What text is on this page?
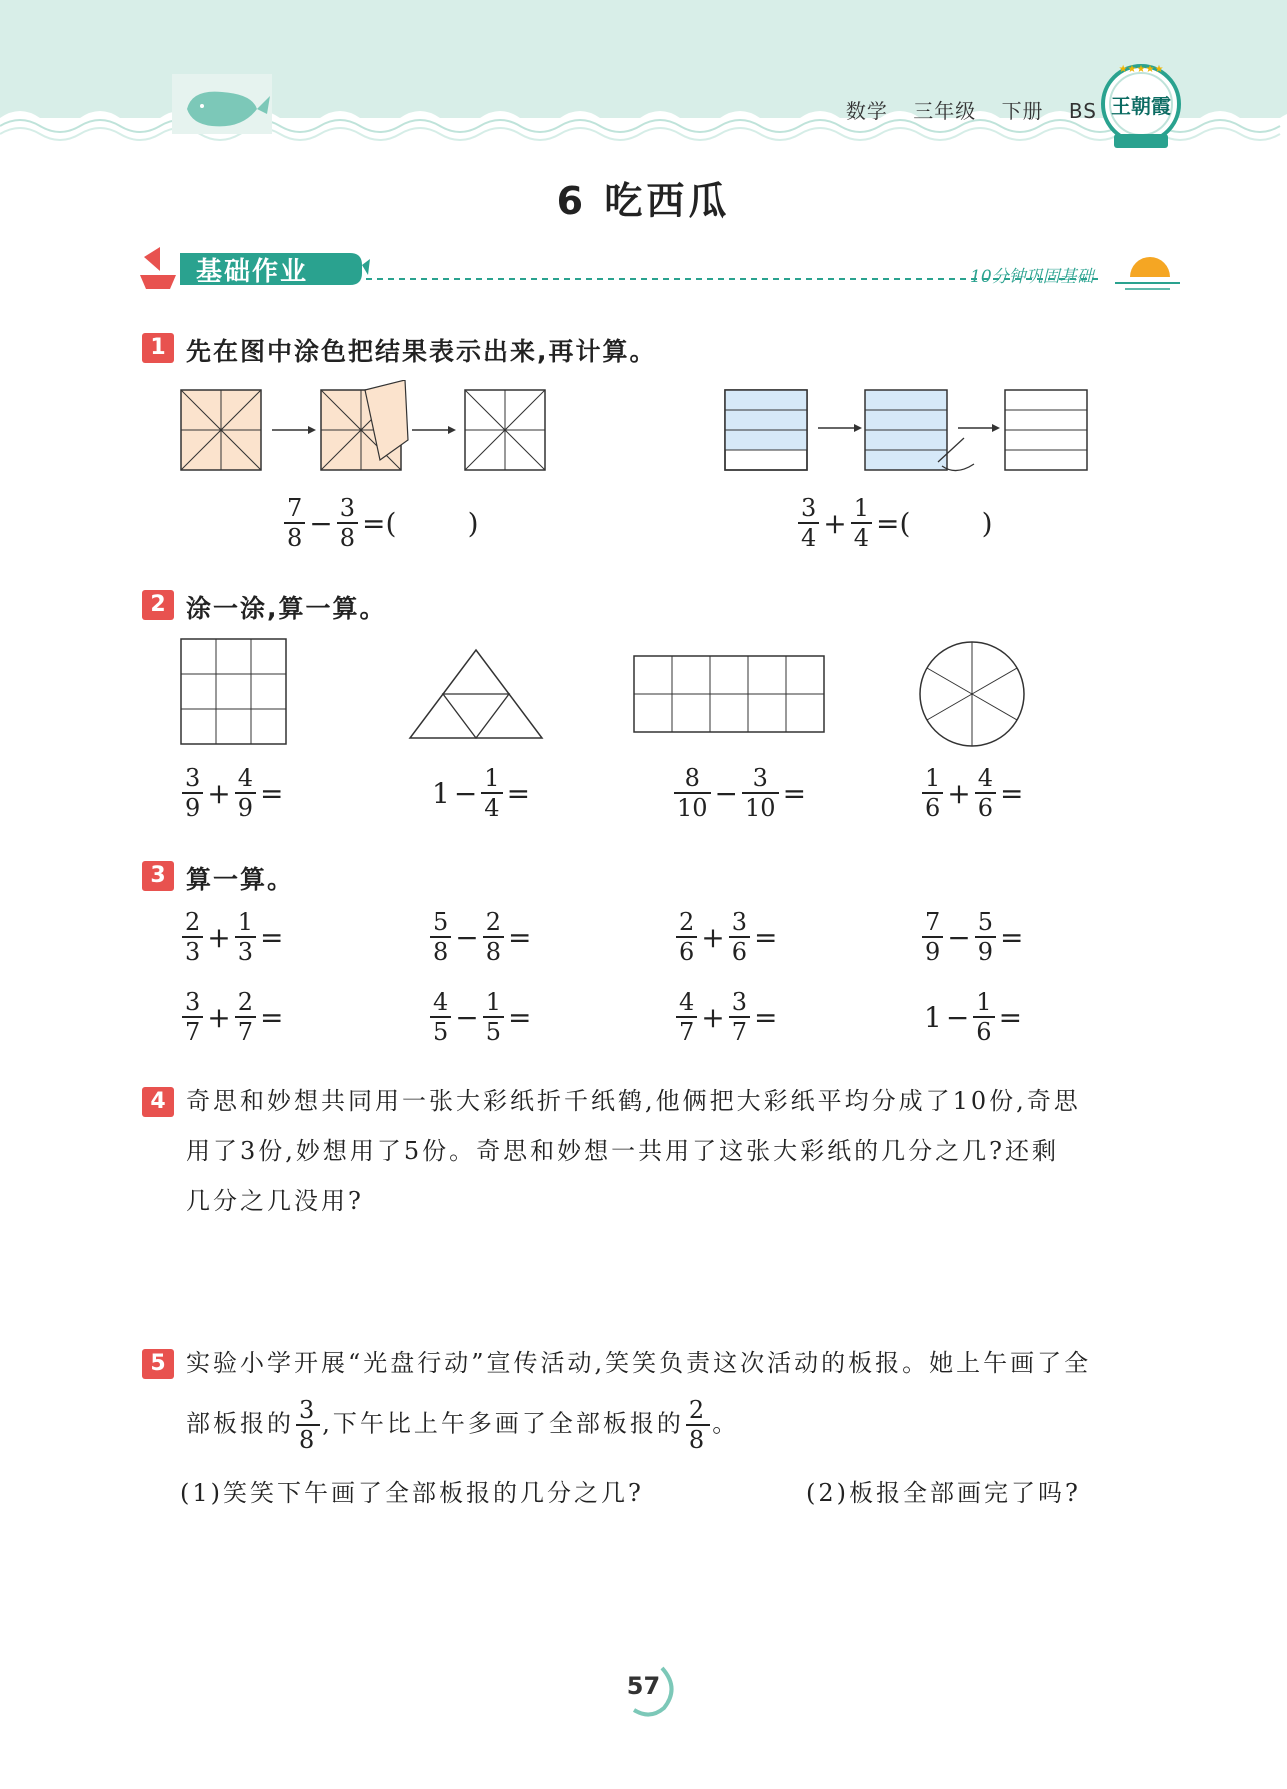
数学 三年级 下册 BS
★★★★★
王朝霞
6 吃西瓜
基础作业	10分钟巩固基础
1 先在图中涂色把结果表示出来,再计算。
$\frac{7}{8} - \frac{3}{8}$ =(        )	$\frac{3}{4} + \frac{1}{4}$ =(        )
2 涂一涂,算一算。
$\frac{3}{9} + \frac{4}{9}$ =	$1 - \frac{1}{4}$ =	$\frac{8}{10} - \frac{3}{10}$ =	$\frac{1}{6} + \frac{4}{6}$ =
3 算一算。
$\frac{2}{3} + \frac{1}{3}$ =	$\frac{5}{8} - \frac{2}{8}$ =	$\frac{2}{6} + \frac{3}{6}$ =	$\frac{7}{9} - \frac{5}{9}$ =
$\frac{3}{7} + \frac{2}{7}$ =	$\frac{4}{5} - \frac{1}{5}$ =	$\frac{4}{7} + \frac{3}{7}$ =	$1 - \frac{1}{6}$ =
4 奇思和妙想共同用一张大彩纸折千纸鹤,他俩把大彩纸平均分成了10份,奇思
用了3份,妙想用了5份。奇思和妙想一共用了这张大彩纸的几分之几?还剩
几分之几没用?
5 实验小学开展“光盘行动”宣传活动,笑笑负责这次活动的板报。她上午画了全
部板报的 $\frac{3}{8}$ ,下午比上午多画了全部板报的 $\frac{2}{8}$ 。
(1)笑笑下午画了全部板报的几分之几?	(2)板报全部画完了吗?
57
